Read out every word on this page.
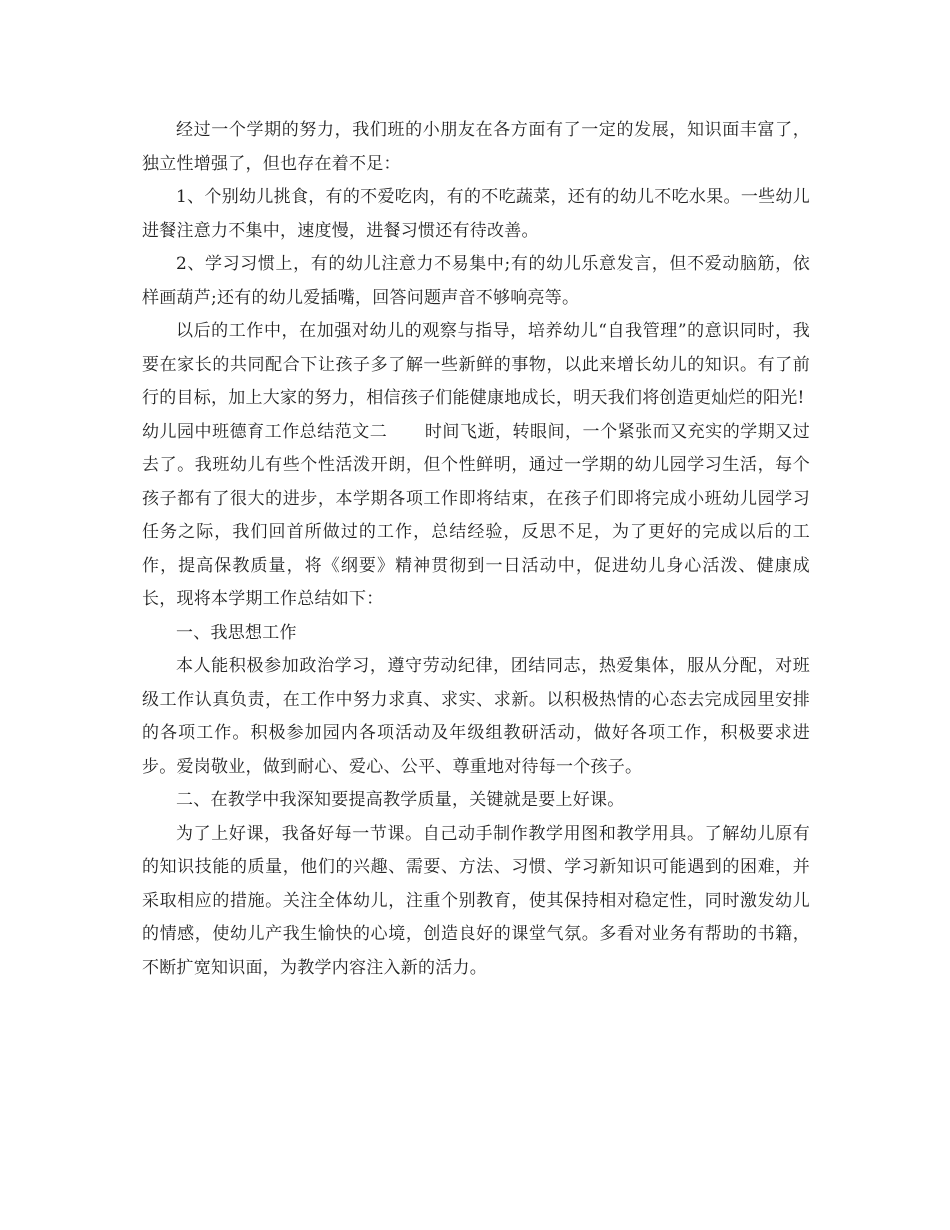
经过一个学期的努力，我们班的小朋友在各方面有了一定的发展，知识面丰富了，独立性增强了，但也存在着不足：

1、个别幼儿挑食，有的不爱吃肉，有的不吃蔬菜，还有的幼儿不吃水果。一些幼儿进餐注意力不集中，速度慢，进餐习惯还有待改善。

2、学习习惯上，有的幼儿注意力不易集中;有的幼儿乐意发言，但不爱动脑筋，依样画葫芦;还有的幼儿爱插嘴，回答问题声音不够响亮等。

以后的工作中，在加强对幼儿的观察与指导，培养幼儿“自我管理”的意识同时，我要在家长的共同配合下让孩子多了解一些新鲜的事物，以此来增长幼儿的知识。有了前行的目标，加上大家的努力，相信孩子们能健康地成长，明天我们将创造更灿烂的阳光!

幼儿园中班德育工作总结范文二 时间飞逝，转眼间，一个紧张而又充实的学期又过去了。我班幼儿有些个性活泼开朗，但个性鲜明，通过一学期的幼儿园学习生活，每个孩子都有了很大的进步，本学期各项工作即将结束，在孩子们即将完成小班幼儿园学习任务之际，我们回首所做过的工作，总结经验，反思不足，为了更好的完成以后的工作，提高保教质量，将《纲要》精神贯彻到一日活动中，促进幼儿身心活泼、健康成长，现将本学期工作总结如下：

一、我思想工作

本人能积极参加政治学习，遵守劳动纪律，团结同志，热爱集体，服从分配，对班级工作认真负责，在工作中努力求真、求实、求新。以积极热情的心态去完成园里安排的各项工作。积极参加园内各项活动及年级组教研活动，做好各项工作，积极要求进步。爱岗敬业，做到耐心、爱心、公平、尊重地对待每一个孩子。

二、在教学中我深知要提高教学质量，关键就是要上好课。

为了上好课，我备好每一节课。自己动手制作教学用图和教学用具。了解幼儿原有的知识技能的质量，他们的兴趣、需要、方法、习惯、学习新知识可能遇到的困难，并采取相应的措施。关注全体幼儿，注重个别教育，使其保持相对稳定性，同时激发幼儿的情感，使幼儿产我生愉快的心境，创造良好的课堂气氛。多看对业务有帮助的书籍，不断扩宽知识面，为教学内容注入新的活力。
